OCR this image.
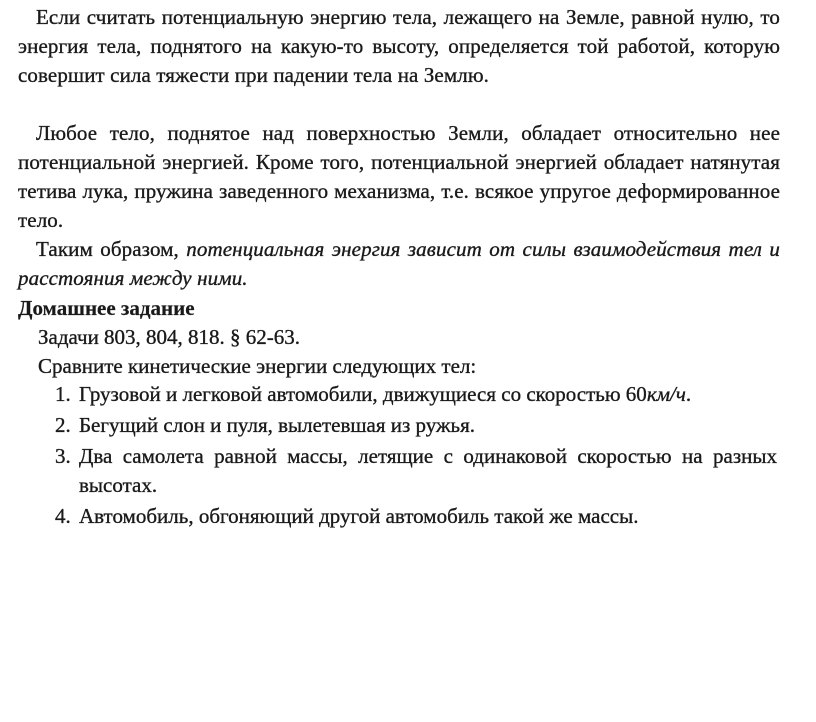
Если считать потенциальную энергию тела, лежащего на Земле, равной нулю, то энергия тела, поднятого на какую-то высоту, определяется той работой, которую совершит сила тяжести при падении тела на Землю.

Любое тело, поднятое над поверхностью Земли, обладает относительно нее потенциальной энергией. Кроме того, потенциальной энергией обладает натянутая тетива лука, пружина заведенного механизма, т.е. всякое упругое деформированное тело.

Таким образом, потенциальная энергия зависит от силы взаимодействия тел и расстояния между ними.

Домашнее задание

Задачи 803, 804, 818. § 62-63.

Сравните кинетические энергии следующих тел:

1. Грузовой и легковой автомобили, движущиеся со скоростью 60км/ч.
2. Бегущий слон и пуля, вылетевшая из ружья.
3. Два самолета равной массы, летящие с одинаковой скоростью на разных высотах.
4. Автомобиль, обгоняющий другой автомобиль такой же массы.
